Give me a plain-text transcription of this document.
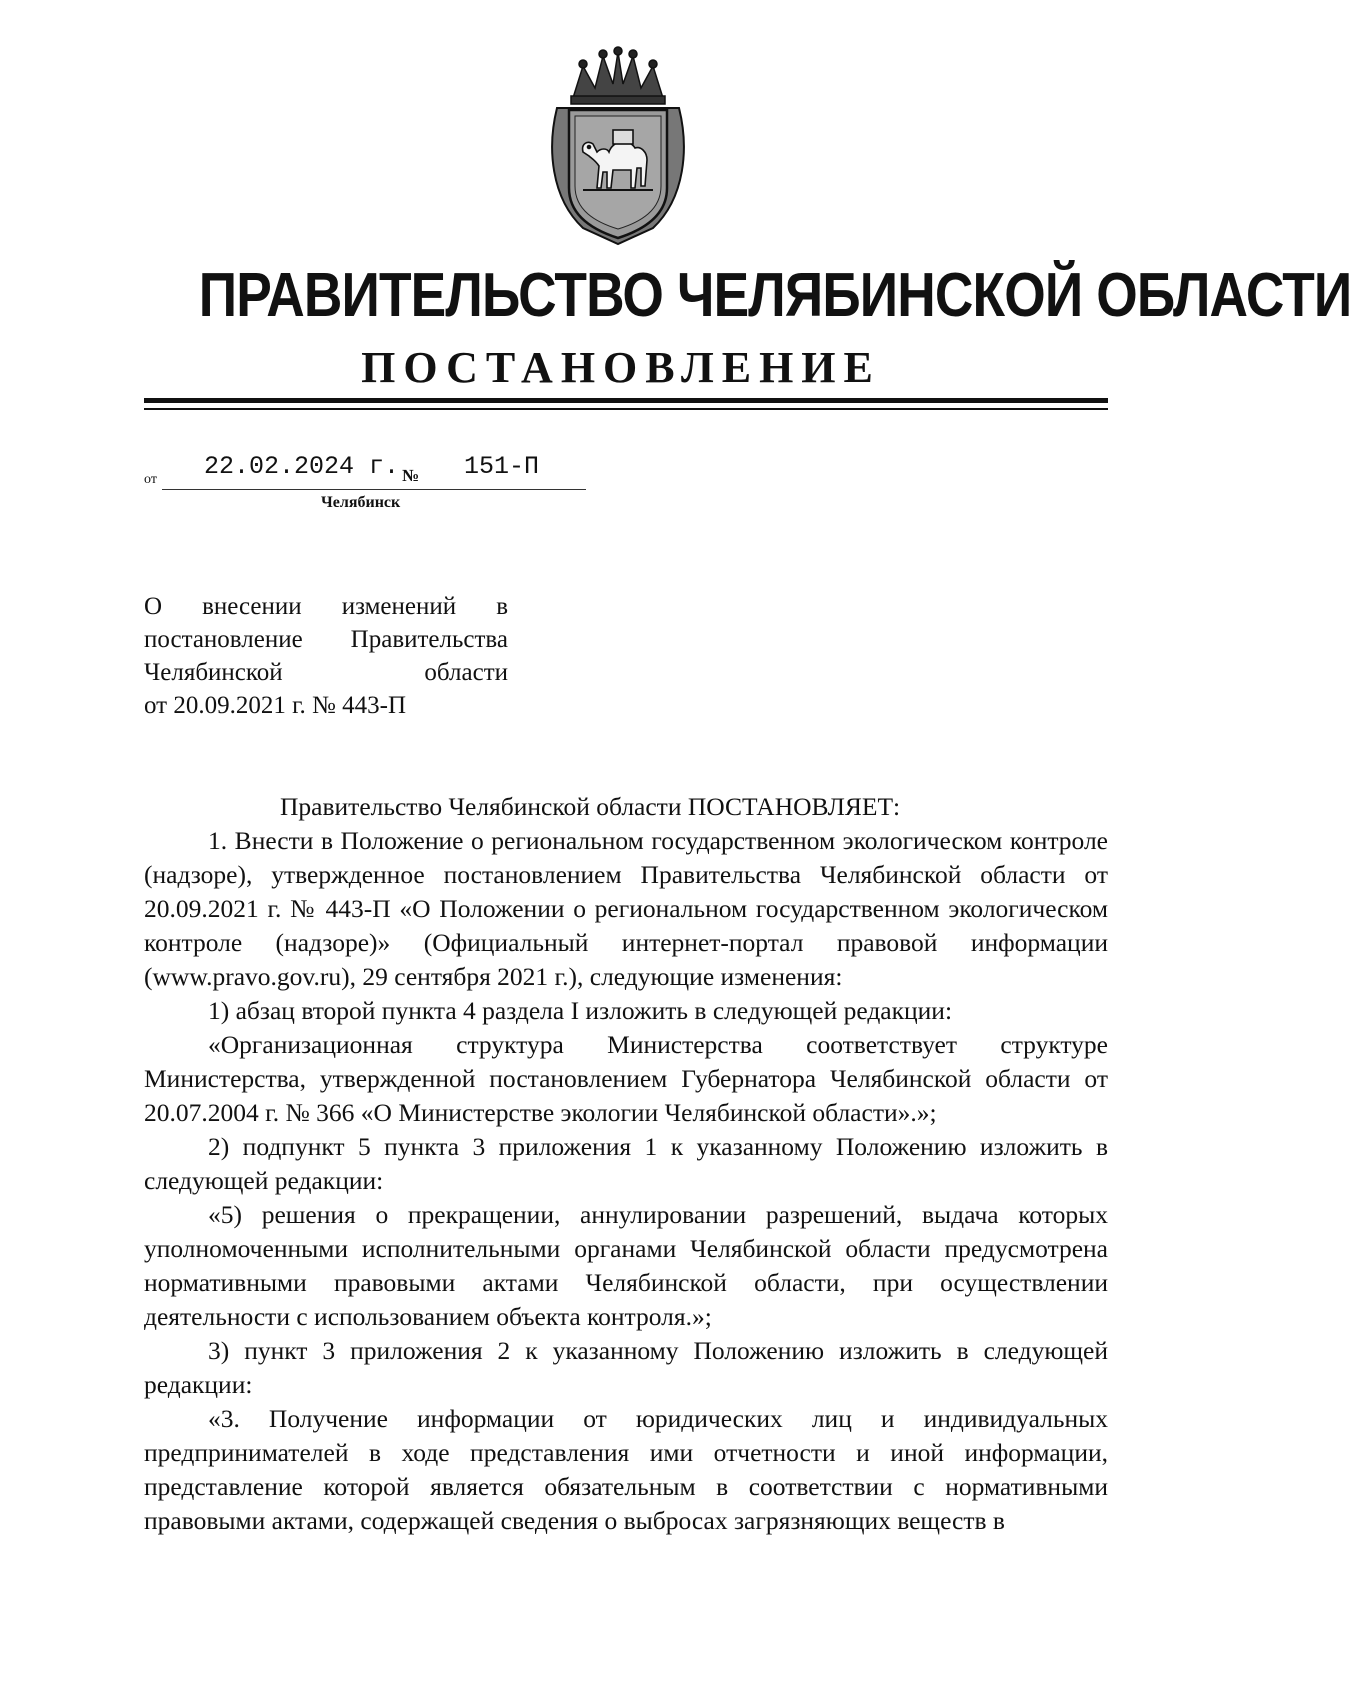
ПРАВИТЕЛЬСТВО ЧЕЛЯБИНСКОЙ ОБЛАСТИ
ПОСТАНОВЛЕНИЕ
от 22.02.2024 г. № 151-П
Челябинск
О внесении изменений в
постановление Правительства
Челябинской области
от 20.09.2021 г. № 443-П

Правительство Челябинской области ПОСТАНОВЛЯЕТ:

1. Внести в Положение о региональном государственном экологическом контроле (надзоре), утвержденное постановлением Правительства Челябинской области от 20.09.2021 г. № 443-П «О Положении о региональном государственном экологическом контроле (надзоре)» (Официальный интернет-портал правовой информации (www.pravo.gov.ru), 29 сентября 2021 г.), следующие изменения:

1) абзац второй пункта 4 раздела I изложить в следующей редакции:

«Организационная структура Министерства соответствует структуре Министерства, утвержденной постановлением Губернатора Челябинской области от 20.07.2004 г. № 366 «О Министерстве экологии Челябинской области».»;

2) подпункт 5 пункта 3 приложения 1 к указанному Положению изложить в следующей редакции:

«5) решения о прекращении, аннулировании разрешений, выдача которых уполномоченными исполнительными органами Челябинской области предусмотрена нормативными правовыми актами Челябинской области, при осуществлении деятельности с использованием объекта контроля.»;

3) пункт 3 приложения 2 к указанному Положению изложить в следующей редакции:

«3. Получение информации от юридических лиц и индивидуальных предпринимателей в ходе представления ими отчетности и иной информации, представление которой является обязательным в соответствии с нормативными правовыми актами, содержащей сведения о выбросах загрязняющих веществ в
